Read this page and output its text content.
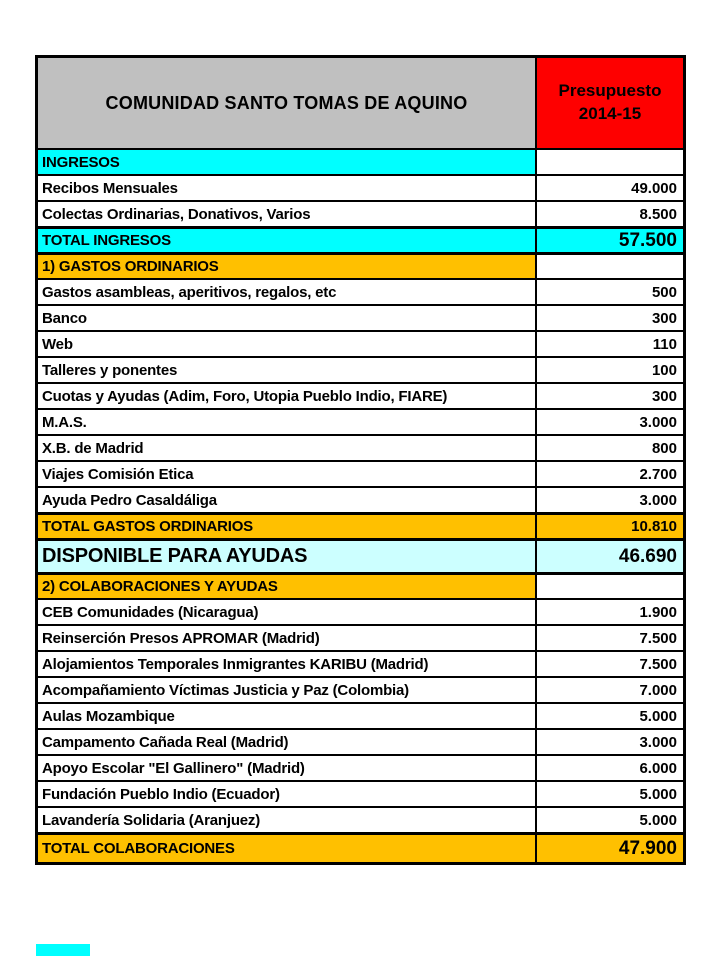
COMUNIDAD SANTO TOMAS DE AQUINO
Presupuesto
2014-15
INGRESOS
Recibos Mensuales	49.000
Colectas Ordinarias, Donativos, Varios	8.500
TOTAL INGRESOS	57.500
1) GASTOS ORDINARIOS
Gastos asambleas, aperitivos, regalos, etc	500
Banco	300
Web	110
Talleres y ponentes	100
Cuotas y Ayudas (Adim, Foro, Utopia Pueblo Indio, FIARE)	300
M.A.S.	3.000
X.B. de Madrid	800
Viajes Comisión Etica	2.700
Ayuda Pedro Casaldáliga	3.000
TOTAL GASTOS ORDINARIOS	10.810
DISPONIBLE PARA AYUDAS	46.690
2) COLABORACIONES Y AYUDAS
CEB Comunidades (Nicaragua)	1.900
Reinserción Presos APROMAR (Madrid)	7.500
Alojamientos Temporales Inmigrantes KARIBU (Madrid)	7.500
Acompañamiento Víctimas Justicia y Paz (Colombia)	7.000
Aulas Mozambique	5.000
Campamento Cañada Real (Madrid)	3.000
Apoyo Escolar "El Gallinero" (Madrid)	6.000
Fundación Pueblo Indio (Ecuador)	5.000
Lavandería Solidaria (Aranjuez)	5.000
TOTAL COLABORACIONES	47.900
